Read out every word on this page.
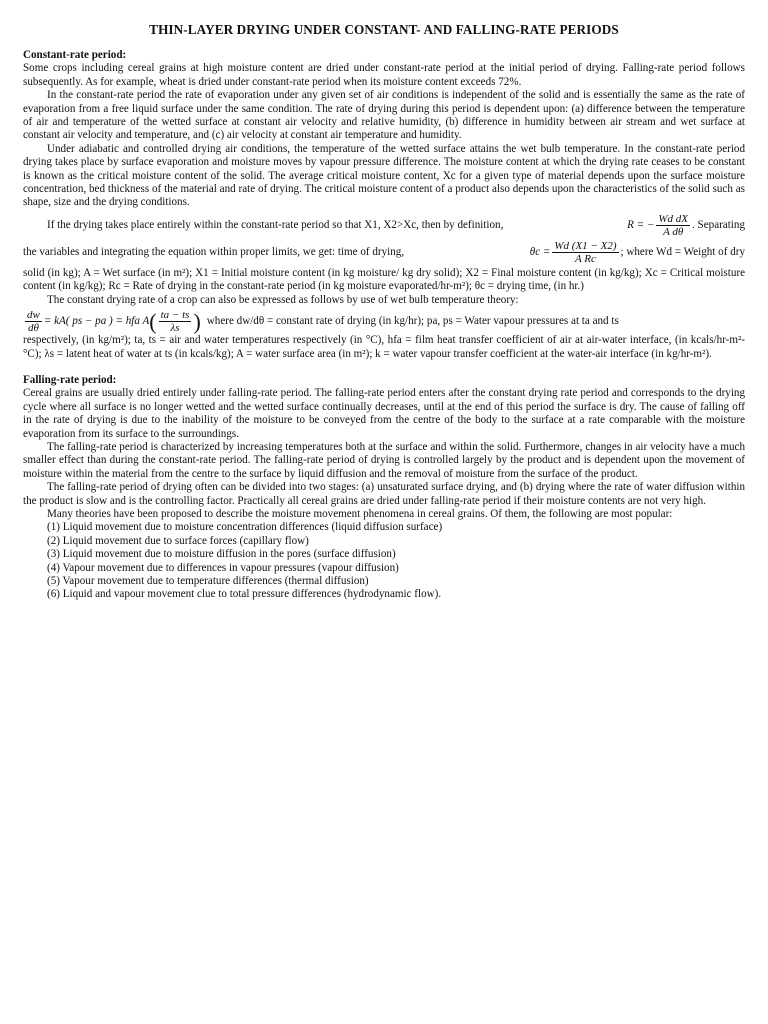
THIN-LAYER DRYING UNDER CONSTANT- AND FALLING-RATE PERIODS

Constant-rate period:

Some crops including cereal grains at high moisture content are dried under constant-rate period at the initial period of drying. Falling-rate period follows subsequently. As for example, wheat is dried under constant-rate period when its moisture content exceeds 72%.

In the constant-rate period the rate of evaporation under any given set of air conditions is independent of the solid and is essentially the same as the rate of evaporation from a free liquid surface under the same condition. The rate of drying during this period is dependent upon: (a) difference between the temperature of air and temperature of the wetted surface at constant air velocity and relative humidity, (b) difference in humidity between air stream and wet surface at constant air velocity and temperature, and (c) air velocity at constant air temperature and humidity.

Under adiabatic and controlled drying air conditions, the temperature of the wetted surface attains the wet bulb temperature. In the constant-rate period drying takes place by surface evaporation and moisture moves by vapour pressure difference. The moisture content at which the drying rate ceases to be constant is known as the critical moisture content of the solid. The average critical moisture content, Xc for a given type of material depends upon the surface moisture concentration, bed thickness of the material and rate of drying. The critical moisture content of a product also depends upon the characteristics of the solid such as shape, size and the drying conditions.

If the drying takes place entirely within the constant-rate period so that X1, X2>Xc, then by definition,	R = − $\frac{\text{Wd dX}}{\text{A dθ}}$ . Separating
the variables and integrating the equation within proper limits, we get: time of drying,	$\theta c = \frac{Wd (X1 - X2)}{\text{A Rc}}$ ; where Wd = Weight of dry

solid (in kg); A = Wet surface (in m²); X1 = Initial moisture content (in kg moisture/ kg dry solid); X2 = Final moisture content (in kg/kg); Xc = Critical moisture content (in kg/kg); Rc = Rate of drying in the constant-rate period (in kg moisture evaporated/hr-m²); θc = drying time, (in hr.)

The constant drying rate of a crop can also be expressed as follows by use of wet bulb temperature theory:

$\frac{dw}{d\theta} = kA$( ps − pa ) = hfa A ( $\frac{ta - ts}{\lambda s}$ ) where dw/dθ = constant rate of drying (in kg/hr); pa, ps = Water vapour pressures at ta and ts

respectively, (in kg/m²); ta, ts = air and water temperatures respectively (in °C), hfa = film heat transfer coefficient of air at air-water interface, (in kcals/hr-m²-°C); λs = latent heat of water at ts (in kcals/kg); A = water surface area (in m²); k = water vapour transfer coefficient at the water-air interface (in kg/hr-m²).

Falling-rate period:

Cereal grains are usually dried entirely under falling-rate period. The falling-rate period enters after the constant drying rate period and corresponds to the drying cycle where all surface is no longer wetted and the wetted surface continually decreases, until at the end of this period the surface is dry. The cause of falling off in the rate of drying is due to the inability of the moisture to be conveyed from the centre of the body to the surface at a rate comparable with the moisture evaporation from its surface to the surroundings.

The falling-rate period is characterized by increasing temperatures both at the surface and within the solid. Furthermore, changes in air velocity have a much smaller effect than during the constant-rate period. The falling-rate period of drying is controlled largely by the product and is dependent upon the movement of moisture within the material from the centre to the surface by liquid diffusion and the removal of moisture from the surface of the product.

The falling-rate period of drying often can be divided into two stages: (a) unsaturated surface drying, and (b) drying where the rate of water diffusion within the product is slow and is the controlling factor. Practically all cereal grains are dried under falling-rate period if their moisture contents are not very high.

Many theories have been proposed to describe the moisture movement phenomena in cereal grains. Of them, the following are most popular:

(1) Liquid movement due to moisture concentration differences (liquid diffusion surface)
(2) Liquid movement due to surface forces (capillary flow)
(3) Liquid movement due to moisture diffusion in the pores (surface diffusion)
(4) Vapour movement due to differences in vapour pressures (vapour diffusion)
(5) Vapour movement due to temperature differences (thermal diffusion)
(6) Liquid and vapour movement clue to total pressure differences (hydrodynamic flow).
